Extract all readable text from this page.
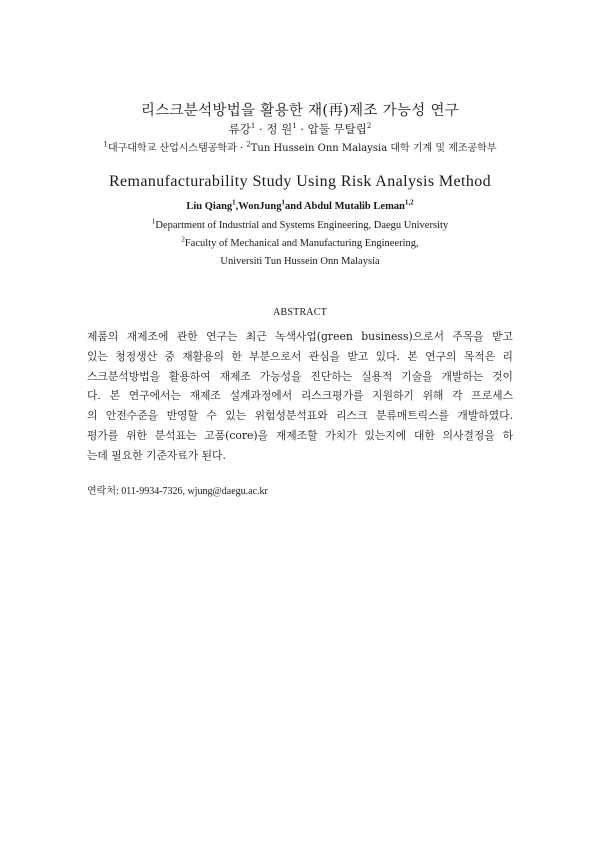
리스크분석방법을 활용한 재(再)제조 가능성 연구
류강$^1$ · 정 원$^1$ · 압둘 무탈립$^2$
$^1$대구대학교 산업시스템공학과 · $^2$Tun Hussein Onn Malaysia 대학 기계 및 제조공학부
Remanufacturability Study Using Risk Analysis Method
Liu Qiang$^1$,WonJung$^1$and Abdul Mutalib Leman$^{1,2}$
$^1$Department of Industrial and Systems Engineering, Daegu University
$^2$Faculty of Mechanical and Manufacturing Engineering,
Universiti Tun Hussein Onn Malaysia
ABSTRACT
제품의 재제조에 관한 연구는 최근 녹색사업(green business)으로서 주목을 받고
있는 청정생산 중 재활용의 한 부분으로서 관심을 받고 있다. 본 연구의 목적은 리
스크분석방법을 활용하여 재제조 가능성을 진단하는 실용적 기술을 개발하는 것이
다. 본 연구에서는 재제조 설계과정에서 리스크평가를 지원하기 위해 각 프로세스
의 안전수준을 반영할 수 있는 위험성분석표와 리스크 분류매트릭스를 개발하였다.
평가를 위한 분석표는 고품(core)을 재제조할 가치가 있는지에 대한 의사결정을 하
는데 필요한 기준자료가 된다.
연락처: 011-9934-7326, wjung@daegu.ac.kr
